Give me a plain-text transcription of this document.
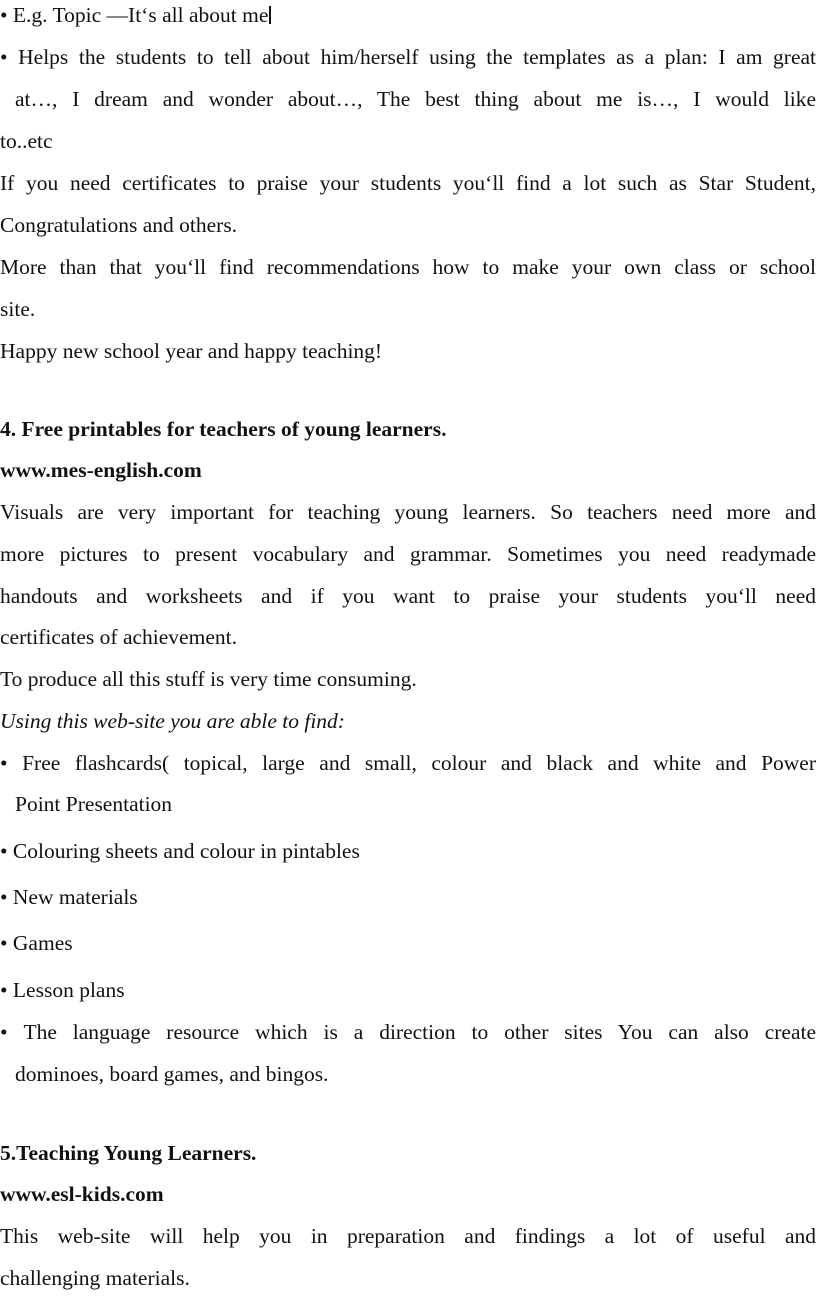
• E.g. Topic ―It‘s all about me
• Helps the students to tell about him/herself using the templates as a plan: I am great
at…, I dream and wonder about…, The best thing about me is…, I would like
to..etc
If you need certificates to praise your students you‘ll find a lot such as Star Student,
Congratulations and others.
More than that you‘ll find recommendations how to make your own class or school
site.
Happy new school year and happy teaching!
4. Free printables for teachers of young learners.
www.mes-english.com
Visuals are very important for teaching young learners. So teachers need more and
more pictures to present vocabulary and grammar. Sometimes you need readymade
handouts and worksheets and if you want to praise your students you‘ll need
certificates of achievement.
To produce all this stuff is very time consuming.
Using this web-site you are able to find:
• Free flashcards( topical, large and small, colour and black and white and Power
Point Presentation
• Colouring sheets and colour in pintables
• New materials
• Games
• Lesson plans
• The language resource which is a direction to other sites You can also create
dominoes, board games, and bingos.
5.Teaching Young Learners.
www.esl-kids.com
This web-site will help you in preparation and findings a lot of useful and
challenging materials.
